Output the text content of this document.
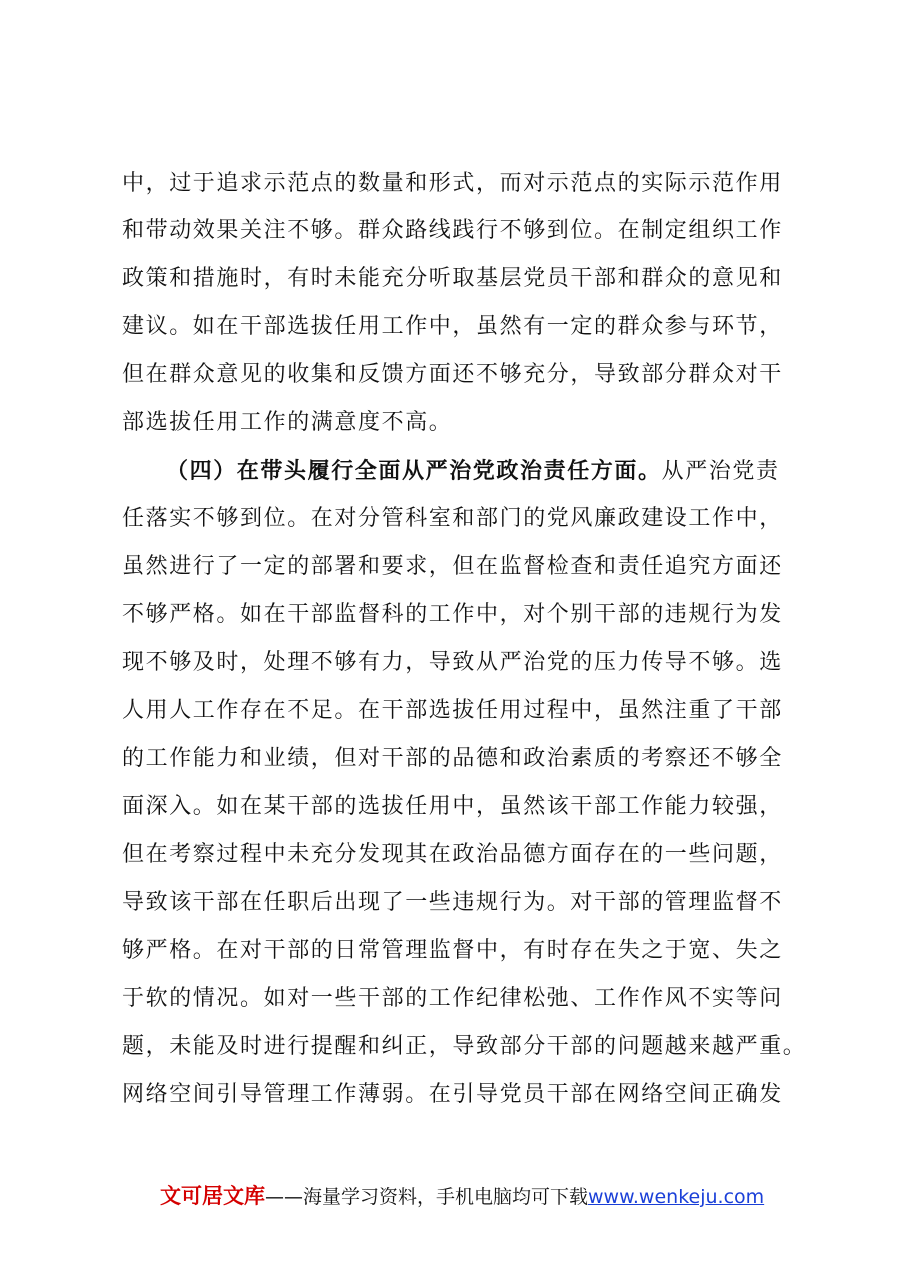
中，过于追求示范点的数量和形式，而对示范点的实际示范作用
和带动效果关注不够。群众路线践行不够到位。在制定组织工作
政策和措施时，有时未能充分听取基层党员干部和群众的意见和
建议。如在干部选拔任用工作中，虽然有一定的群众参与环节，
但在群众意见的收集和反馈方面还不够充分，导致部分群众对干
部选拔任用工作的满意度不高。
（四）在带头履行全面从严治党政治责任方面。从严治党责
任落实不够到位。在对分管科室和部门的党风廉政建设工作中，
虽然进行了一定的部署和要求，但在监督检查和责任追究方面还
不够严格。如在干部监督科的工作中，对个别干部的违规行为发
现不够及时，处理不够有力，导致从严治党的压力传导不够。选
人用人工作存在不足。在干部选拔任用过程中，虽然注重了干部
的工作能力和业绩，但对干部的品德和政治素质的考察还不够全
面深入。如在某干部的选拔任用中，虽然该干部工作能力较强，
但在考察过程中未充分发现其在政治品德方面存在的一些问题，
导致该干部在任职后出现了一些违规行为。对干部的管理监督不
够严格。在对干部的日常管理监督中，有时存在失之于宽、失之
于软的情况。如对一些干部的工作纪律松弛、工作作风不实等问
题，未能及时进行提醒和纠正，导致部分干部的问题越来越严重。
网络空间引导管理工作薄弱。在引导党员干部在网络空间正确发
文可居文库——海量学习资料，手机电脑均可下载www.wenkeju.com
